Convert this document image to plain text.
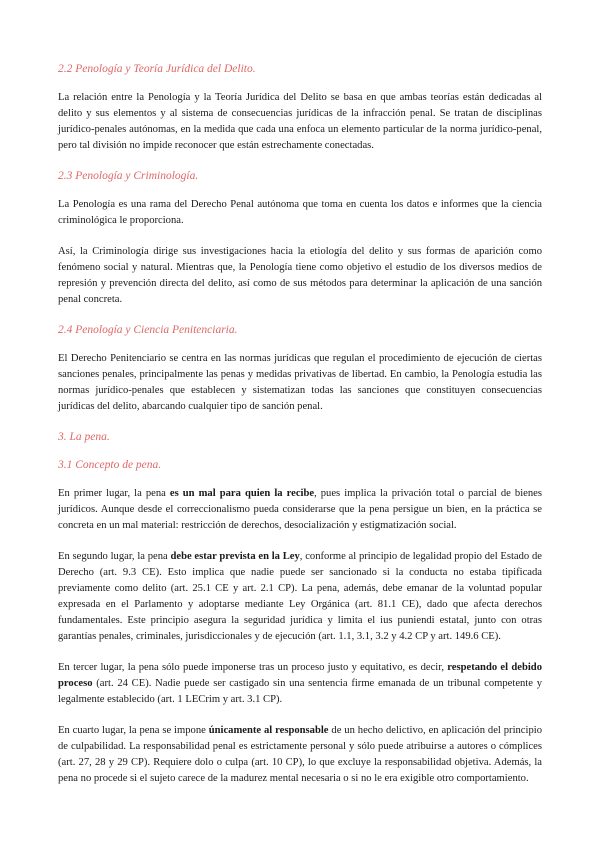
2.2 Penología y Teoría Jurídica del Delito.

La relación entre la Penología y la Teoría Jurídica del Delito se basa en que ambas teorías están dedicadas al delito y sus elementos y al sistema de consecuencias jurídicas de la infracción penal. Se tratan de disciplinas jurídico-penales autónomas, en la medida que cada una enfoca un elemento particular de la norma jurídico-penal, pero tal división no impide reconocer que están estrechamente conectadas.

2.3 Penología y Criminología.

La Penología es una rama del Derecho Penal autónoma que toma en cuenta los datos e informes que la ciencia criminológica le proporciona.

Así, la Criminología dirige sus investigaciones hacia la etiología del delito y sus formas de aparición como fenómeno social y natural. Mientras que, la Penología tiene como objetivo el estudio de los diversos medios de represión y prevención directa del delito, así como de sus métodos para determinar la aplicación de una sanción penal concreta.

2.4 Penología y Ciencia Penitenciaria.

El Derecho Penitenciario se centra en las normas jurídicas que regulan el procedimiento de ejecución de ciertas sanciones penales, principalmente las penas y medidas privativas de libertad. En cambio, la Penología estudia las normas jurídico-penales que establecen y sistematizan todas las sanciones que constituyen consecuencias jurídicas del delito, abarcando cualquier tipo de sanción penal.

3. La pena.
3.1 Concepto de pena.

En primer lugar, la pena es un mal para quien la recibe, pues implica la privación total o parcial de bienes jurídicos. Aunque desde el correccionalismo pueda considerarse que la pena persigue un bien, en la práctica se concreta en un mal material: restricción de derechos, desocialización y estigmatización social.

En segundo lugar, la pena debe estar prevista en la Ley, conforme al principio de legalidad propio del Estado de Derecho (art. 9.3 CE). Esto implica que nadie puede ser sancionado si la conducta no estaba tipificada previamente como delito (art. 25.1 CE y art. 2.1 CP). La pena, además, debe emanar de la voluntad popular expresada en el Parlamento y adoptarse mediante Ley Orgánica (art. 81.1 CE), dado que afecta derechos fundamentales. Este principio asegura la seguridad jurídica y limita el ius puniendi estatal, junto con otras garantías penales, criminales, jurisdiccionales y de ejecución (art. 1.1, 3.1, 3.2 y 4.2 CP y art. 149.6 CE).

En tercer lugar, la pena sólo puede imponerse tras un proceso justo y equitativo, es decir, respetando el debido proceso (art. 24 CE). Nadie puede ser castigado sin una sentencia firme emanada de un tribunal competente y legalmente establecido (art. 1 LECrim y art. 3.1 CP).

En cuarto lugar, la pena se impone únicamente al responsable de un hecho delictivo, en aplicación del principio de culpabilidad. La responsabilidad penal es estrictamente personal y sólo puede atribuirse a autores o cómplices (art. 27, 28 y 29 CP). Requiere dolo o culpa (art. 10 CP), lo que excluye la responsabilidad objetiva. Además, la pena no procede si el sujeto carece de la madurez mental necesaria o si no le era exigible otro comportamiento.
